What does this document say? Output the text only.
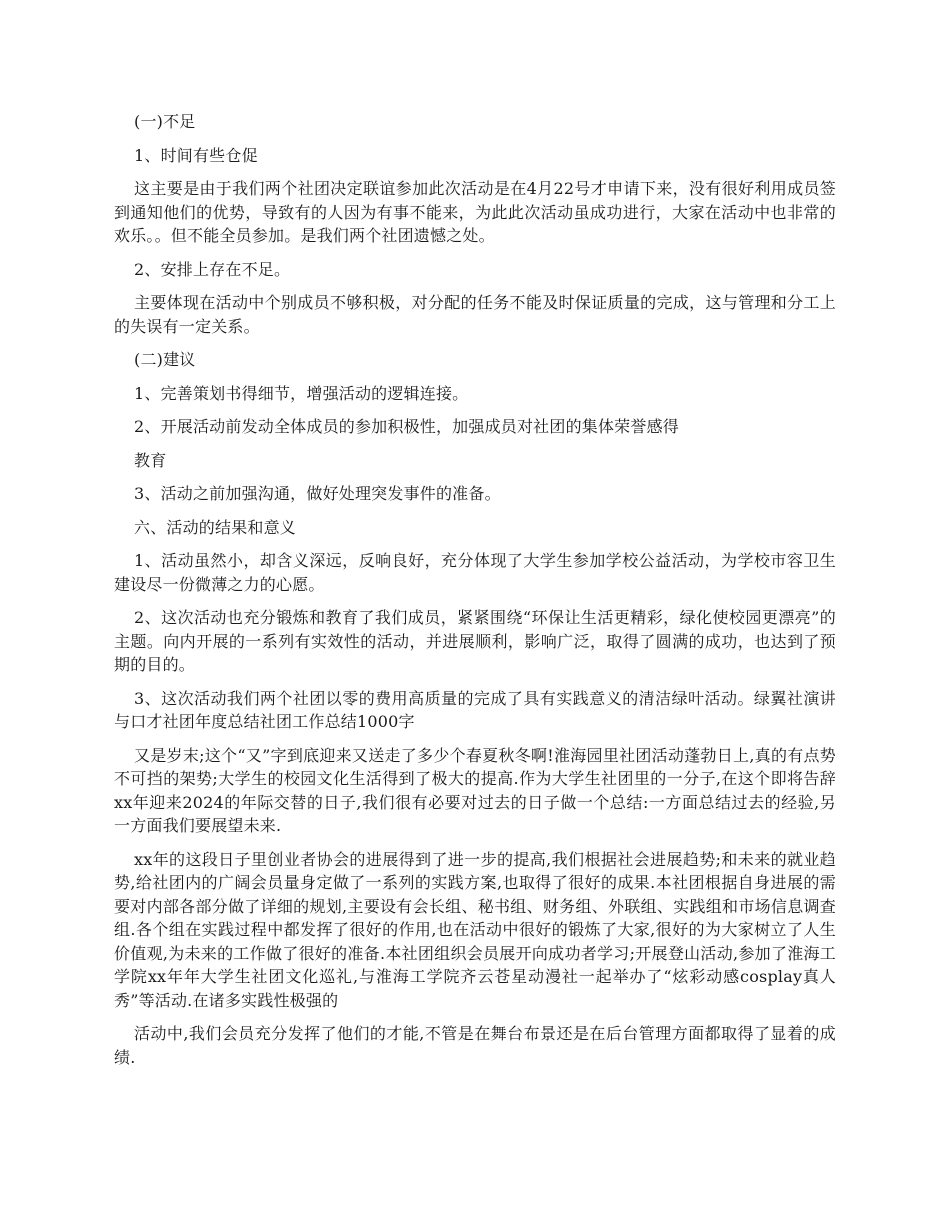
(一)不足

1、时间有些仓促

这主要是由于我们两个社团决定联谊参加此次活动是在4月22号才申请下来，没有很好利用成员签到通知他们的优势，导致有的人因为有事不能来，为此此次活动虽成功进行，大家在活动中也非常的欢乐。。但不能全员参加。是我们两个社团遗憾之处。

2、安排上存在不足。

主要体现在活动中个别成员不够积极，对分配的任务不能及时保证质量的完成，这与管理和分工上的失误有一定关系。

(二)建议

1、完善策划书得细节，增强活动的逻辑连接。

2、开展活动前发动全体成员的参加积极性，加强成员对社团的集体荣誉感得

教育

3、活动之前加强沟通，做好处理突发事件的准备。

六、活动的结果和意义

1、活动虽然小，却含义深远，反响良好，充分体现了大学生参加学校公益活动，为学校市容卫生建设尽一份微薄之力的心愿。

2、这次活动也充分锻炼和教育了我们成员，紧紧围绕“环保让生活更精彩，绿化使校园更漂亮”的主题。向内开展的一系列有实效性的活动，并进展顺利，影响广泛，取得了圆满的成功，也达到了预期的目的。

3、这次活动我们两个社团以零的费用高质量的完成了具有实践意义的清洁绿叶活动。绿翼社演讲与口才社团年度总结社团工作总结1000字

又是岁末;这个“又”字到底迎来又送走了多少个春夏秋冬啊!淮海园里社团活动蓬勃日上,真的有点势不可挡的架势;大学生的校园文化生活得到了极大的提高.作为大学生社团里的一分子,在这个即将告辞xx年迎来2024的年际交替的日子,我们很有必要对过去的日子做一个总结:一方面总结过去的经验,另一方面我们要展望未来.

xx年的这段日子里创业者协会的进展得到了进一步的提高,我们根据社会进展趋势;和未来的就业趋势,给社团内的广阔会员量身定做了一系列的实践方案,也取得了很好的成果.本社团根据自身进展的需要对内部各部分做了详细的规划,主要设有会长组、秘书组、财务组、外联组、实践组和市场信息调查组.各个组在实践过程中都发挥了很好的作用,也在活动中很好的锻炼了大家,很好的为大家树立了人生价值观,为未来的工作做了很好的准备.本社团组织会员展开向成功者学习;开展登山活动,参加了淮海工学院xx年年大学生社团文化巡礼,与淮海工学院齐云苍星动漫社一起举办了“炫彩动感cosplay真人秀”等活动.在诸多实践性极强的

活动中,我们会员充分发挥了他们的才能,不管是在舞台布景还是在后台管理方面都取得了显着的成绩.
